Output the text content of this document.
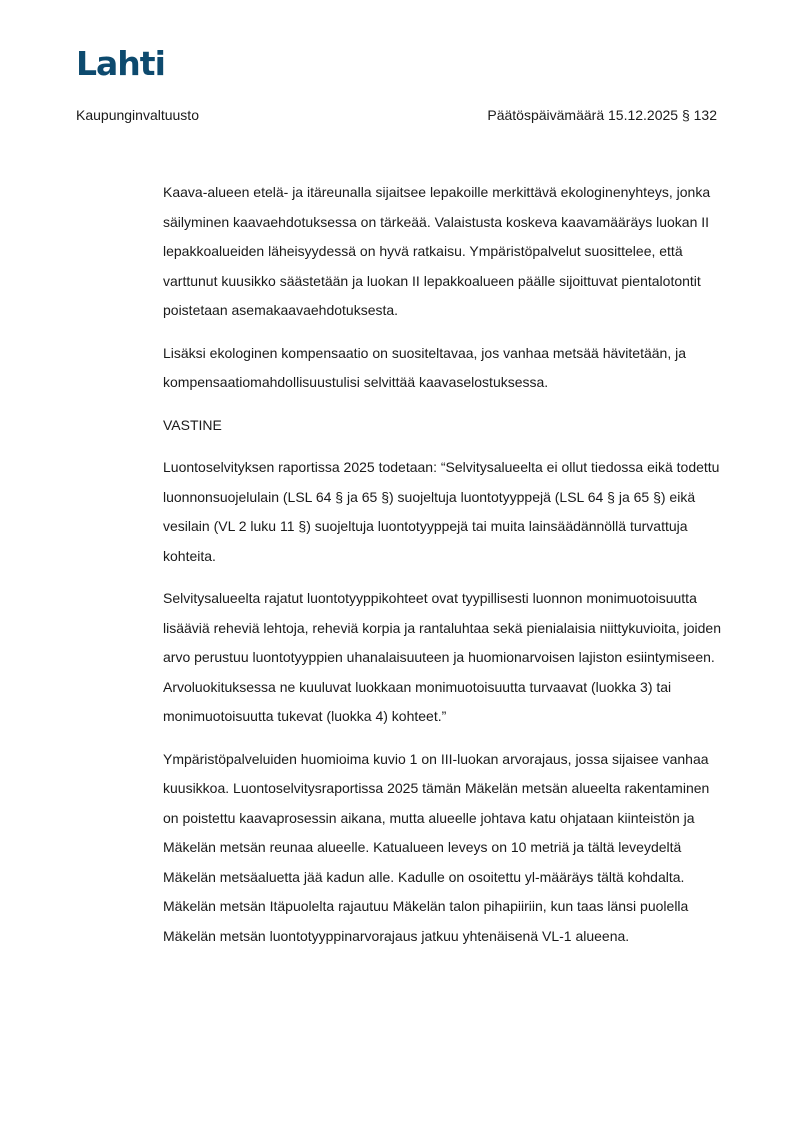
Lahti
Kaupunginvaltuusto	Päätöspäivämäärä 15.12.2025 § 132

Kaava-alueen etelä- ja itäreunalla sijaitsee lepakoille merkittävä ekologinenyhteys, jonka säilyminen kaavaehdotuksessa on tärkeää. Valaistusta koskeva kaavamääräys luokan II lepakkoalueiden läheisyydessä on hyvä ratkaisu. Ympäristöpalvelut suosittelee, että varttunut kuusikko säästetään ja luokan II lepakkoalueen päälle sijoittuvat pientalotontit poistetaan asemakaavaehdotuksesta.

Lisäksi ekologinen kompensaatio on suositeltavaa, jos vanhaa metsää hävitetään, ja kompensaatiomahdollisuustulisi selvittää kaavaselostuksessa.

VASTINE

Luontoselvityksen raportissa 2025 todetaan: “Selvitysalueelta ei ollut tiedossa eikä todettu luonnonsuojelulain (LSL 64 § ja 65 §) suojeltuja luontotyyppejä (LSL 64 § ja 65 §) eikä vesilain (VL 2 luku 11 §) suojeltuja luontotyyppejä tai muita lainsäädännöllä turvattuja kohteita.

Selvitysalueelta rajatut luontotyyppikohteet ovat tyypillisesti luonnon monimuotoisuutta lisääviä reheviä lehtoja, reheviä korpia ja rantaluhtaa sekä pienialaisia niittykuvioita, joiden arvo perustuu luontotyyppien uhanalaisuuteen ja huomionarvoisen lajiston esiintymiseen. Arvoluokituksessa ne kuuluvat luokkaan monimuotoisuutta turvaavat (luokka 3) tai monimuotoisuutta tukevat (luokka 4) kohteet.”

Ympäristöpalveluiden huomioima kuvio 1 on III-luokan arvorajaus, jossa sijaisee vanhaa kuusikkoa. Luontoselvitysraportissa 2025 tämän Mäkelän metsän alueelta rakentaminen on poistettu kaavaprosessin aikana, mutta alueelle johtava katu ohjataan kiinteistön ja Mäkelän metsän reunaa alueelle. Katualueen leveys on 10 metriä ja tältä leveydeltä Mäkelän metsäaluetta jää kadun alle. Kadulle on osoitettu yl-määräys tältä kohdalta. Mäkelän metsän Itäpuolelta rajautuu Mäkelän talon pihapiiriin, kun taas länsi puolella Mäkelän metsän luontotyyppinarvorajaus jatkuu yhtenäisenä VL-1 alueena.
